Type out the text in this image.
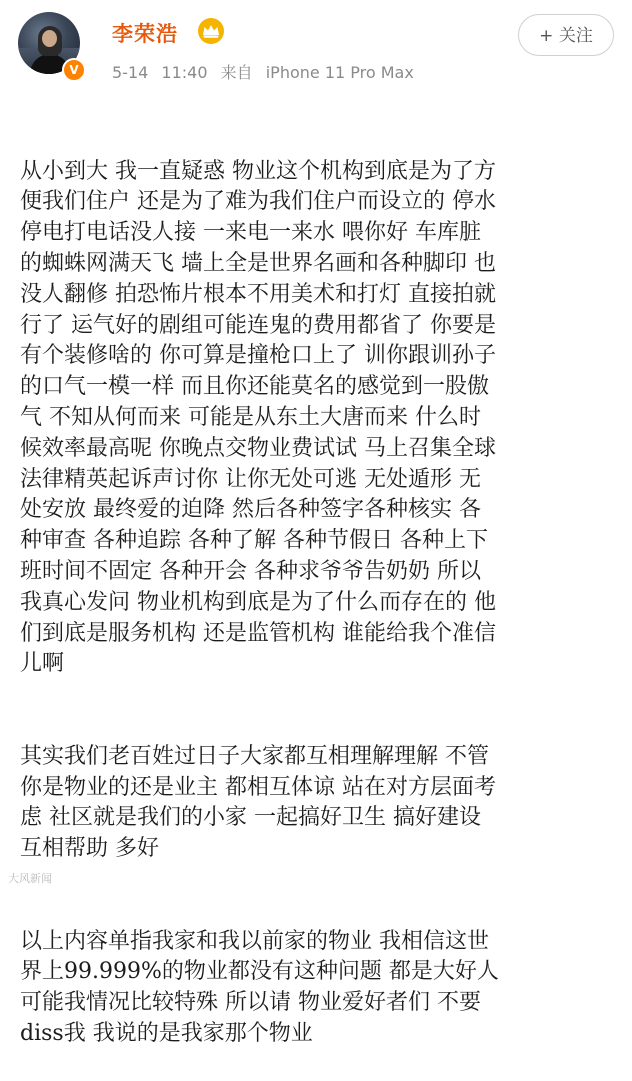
V
李荣浩
5-14 11:40 来自 iPhone 11 Pro Max
+ 关注

从小到大 我一直疑惑 物业这个机构到底是为了方
便我们住户 还是为了难为我们住户而设立的 停水
停电打电话没人接 一来电一来水 喂你好 车库脏
的蜘蛛网满天飞 墙上全是世界名画和各种脚印 也
没人翻修 拍恐怖片根本不用美术和打灯 直接拍就
行了 运气好的剧组可能连鬼的费用都省了 你要是
有个装修啥的 你可算是撞枪口上了 训你跟训孙子
的口气一模一样 而且你还能莫名的感觉到一股傲
气 不知从何而来 可能是从东土大唐而来 什么时
候效率最高呢 你晚点交物业费试试 马上召集全球
法律精英起诉声讨你 让你无处可逃 无处遁形 无
处安放 最终爱的迫降 然后各种签字各种核实 各
种审查 各种追踪 各种了解 各种节假日 各种上下
班时间不固定 各种开会 各种求爷爷告奶奶 所以
我真心发问 物业机构到底是为了什么而存在的 他
们到底是服务机构 还是监管机构 谁能给我个准信
儿啊

其实我们老百姓过日子大家都互相理解理解 不管
你是物业的还是业主 都相互体谅 站在对方层面考
虑 社区就是我们的小家 一起搞好卫生 搞好建设
互相帮助 多好

以上内容单指我家和我以前家的物业 我相信这世
界上99.999%的物业都没有这种问题 都是大好人
可能我情况比较特殊 所以请 物业爱好者们 不要
diss我 我说的是我家那个物业

大风新闻
